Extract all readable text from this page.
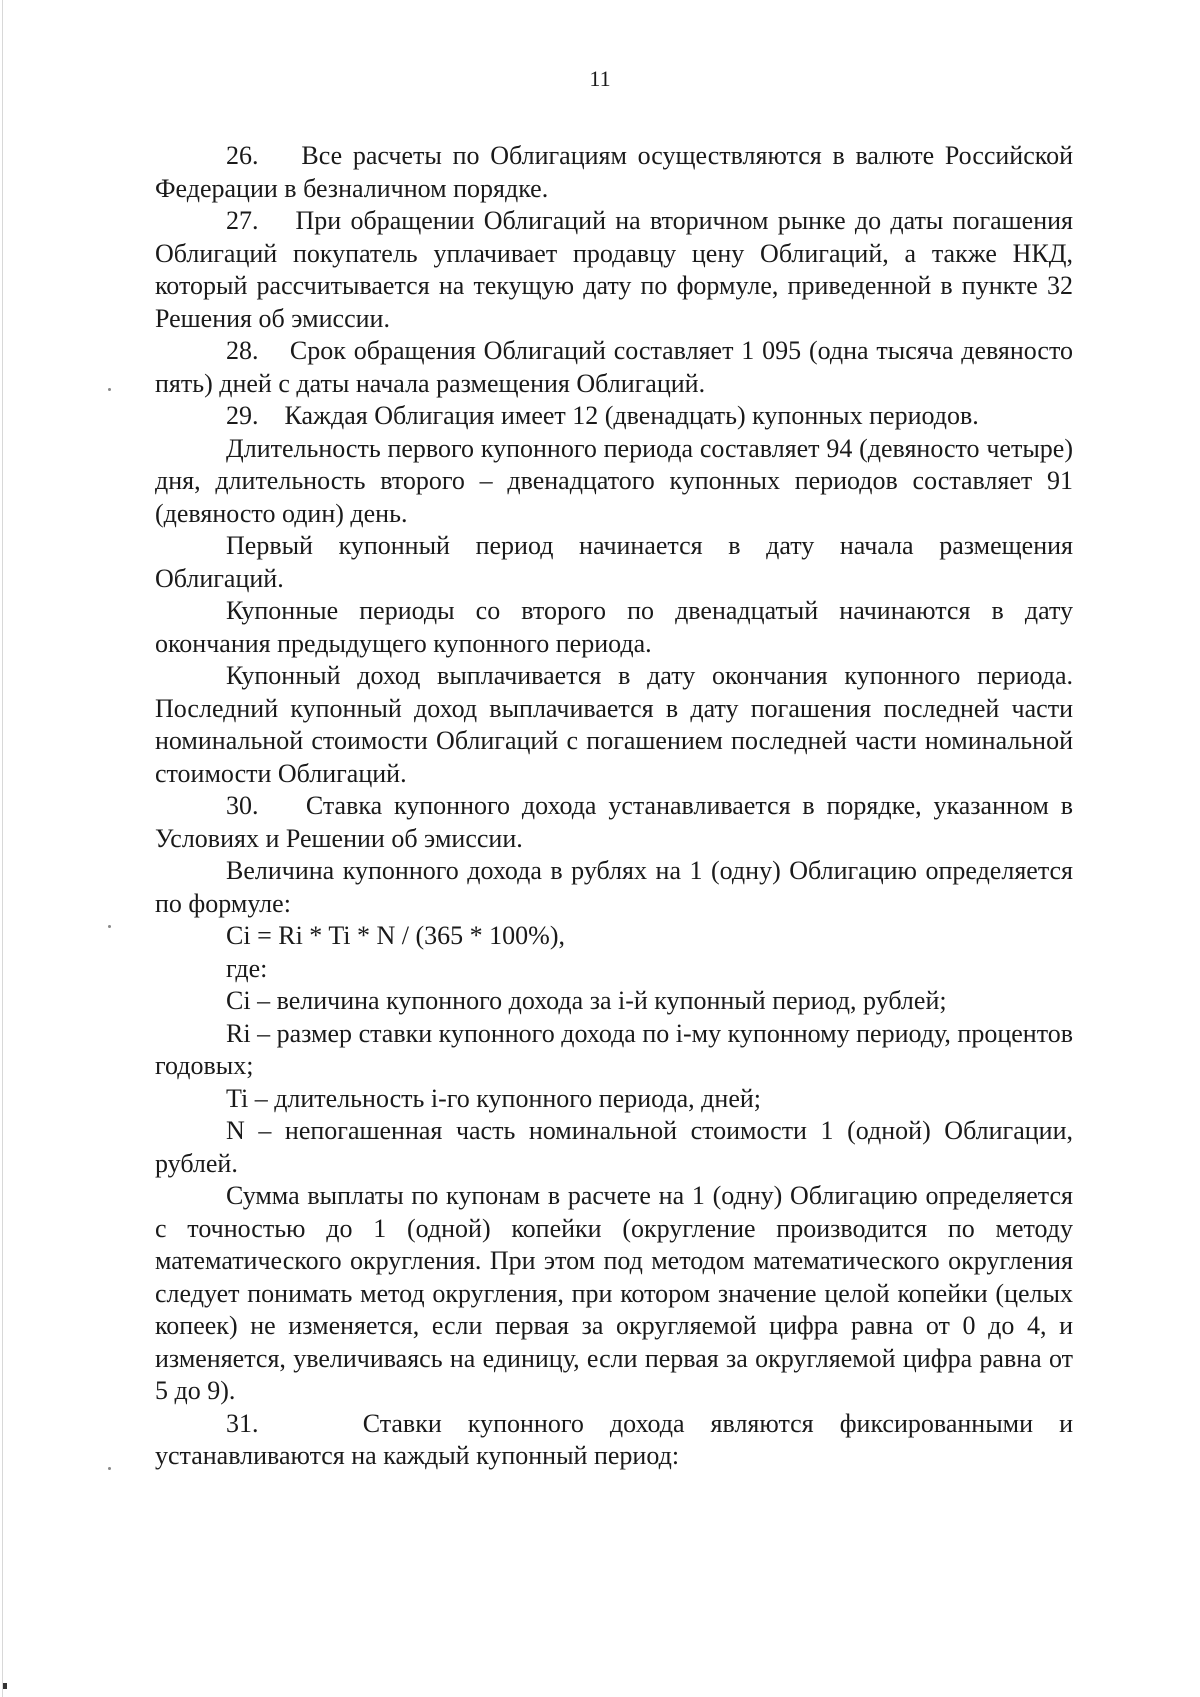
11

26.    Все расчеты по Облигациям осуществляются в валюте Российской Федерации в безналичном порядке.

27.    При обращении Облигаций на вторичном рынке до даты погашения Облигаций покупатель уплачивает продавцу цену Облигаций, а также НКД, который рассчитывается на текущую дату по формуле, приведенной в пункте 32 Решения об эмиссии.

28.    Срок обращения Облигаций составляет 1 095 (одна тысяча девяносто пять) дней с даты начала размещения Облигаций.

29.    Каждая Облигация имеет 12 (двенадцать) купонных периодов.

Длительность первого купонного периода составляет 94 (девяносто четыре) дня, длительность второго – двенадцатого купонных периодов составляет 91 (девяносто один) день.

Первый купонный период начинается в дату начала размещения Облигаций.

Купонные периоды со второго по двенадцатый начинаются в дату окончания предыдущего купонного периода.

Купонный доход выплачивается в дату окончания купонного периода. Последний купонный доход выплачивается в дату погашения последней части номинальной стоимости Облигаций с погашением последней части номинальной стоимости Облигаций.

30.    Ставка купонного дохода устанавливается в порядке, указанном в Условиях и Решении об эмиссии.

Величина купонного дохода в рублях на 1 (одну) Облигацию определяется по формуле:

Ci = Ri * Ti * N / (365 * 100%),

где:

Ci – величина купонного дохода за i-й купонный период, рублей;

Ri – размер ставки купонного дохода по i-му купонному периоду, процентов годовых;

Ti – длительность i-го купонного периода, дней;

N – непогашенная часть номинальной стоимости 1 (одной) Облигации, рублей.

Сумма выплаты по купонам в расчете на 1 (одну) Облигацию определяется с точностью до 1 (одной) копейки (округление производится по методу математического округления. При этом под методом математического округления следует понимать метод округления, при котором значение целой копейки (целых копеек) не изменяется, если первая за округляемой цифра равна от 0 до 4, и изменяется, увеличиваясь на единицу, если первая за округляемой цифра равна от 5 до 9).

31.    Ставки купонного дохода являются фиксированными и устанавливаются на каждый купонный период:
